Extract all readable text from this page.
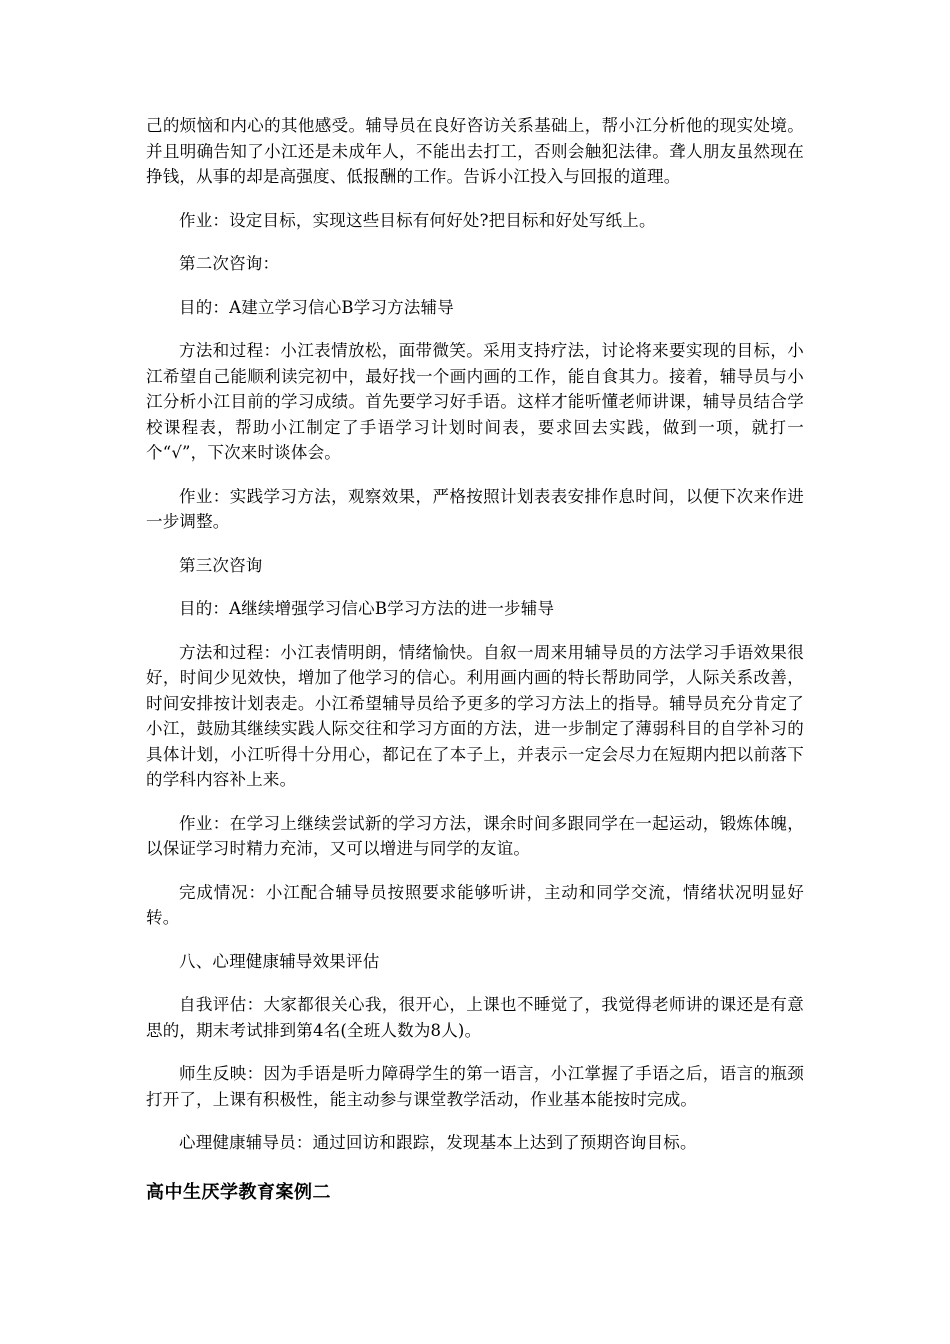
己的烦恼和内心的其他感受。辅导员在良好咨访关系基础上，帮小江分析他的现实处境。并且明确告知了小江还是未成年人，不能出去打工，否则会触犯法律。聋人朋友虽然现在挣钱，从事的却是高强度、低报酬的工作。告诉小江投入与回报的道理。

作业：设定目标，实现这些目标有何好处?把目标和好处写纸上。

第二次咨询：

目的：A建立学习信心B学习方法辅导

方法和过程：小江表情放松，面带微笑。采用支持疗法，讨论将来要实现的目标，小江希望自己能顺利读完初中，最好找一个画内画的工作，能自食其力。接着，辅导员与小江分析小江目前的学习成绩。首先要学习好手语。这样才能听懂老师讲课，辅导员结合学校课程表，帮助小江制定了手语学习计划时间表，要求回去实践，做到一项，就打一个“√”，下次来时谈体会。

作业：实践学习方法，观察效果，严格按照计划表表安排作息时间，以便下次来作进一步调整。

第三次咨询

目的：A继续增强学习信心B学习方法的进一步辅导

方法和过程：小江表情明朗，情绪愉快。自叙一周来用辅导员的方法学习手语效果很好，时间少见效快，增加了他学习的信心。利用画内画的特长帮助同学，人际关系改善，时间安排按计划表走。小江希望辅导员给予更多的学习方法上的指导。辅导员充分肯定了小江，鼓励其继续实践人际交往和学习方面的方法，进一步制定了薄弱科目的自学补习的具体计划，小江听得十分用心，都记在了本子上，并表示一定会尽力在短期内把以前落下的学科内容补上来。

作业：在学习上继续尝试新的学习方法，课余时间多跟同学在一起运动，锻炼体魄，以保证学习时精力充沛，又可以增进与同学的友谊。

完成情况：小江配合辅导员按照要求能够听讲，主动和同学交流，情绪状况明显好转。

八、心理健康辅导效果评估

自我评估：大家都很关心我，很开心，上课也不睡觉了，我觉得老师讲的课还是有意思的，期末考试排到第4名(全班人数为8人)。

师生反映：因为手语是听力障碍学生的第一语言，小江掌握了手语之后，语言的瓶颈打开了，上课有积极性，能主动参与课堂教学活动，作业基本能按时完成。

心理健康辅导员：通过回访和跟踪，发现基本上达到了预期咨询目标。

高中生厌学教育案例二
